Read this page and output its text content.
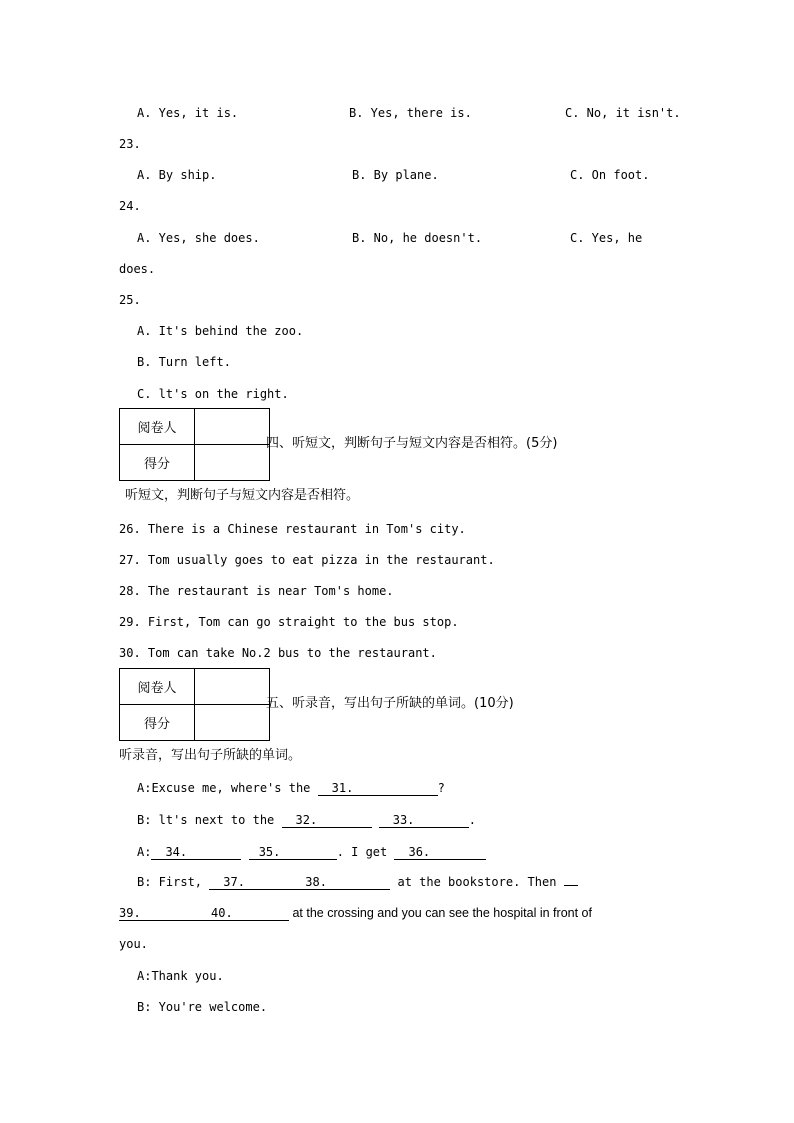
A. Yes, it is.	B. Yes, there is.	C. No, it isn't.
23.
A. By ship.	B. By plane.	C. On foot.
24.
A. Yes, she does.	B. No, he doesn't.	C. Yes, he
does.
25.
A. It's behind the zoo.
B. Turn left.
C. lt's on the right.
阅卷人	
得分	
四、听短文，判断句子与短文内容是否相符。(5分)
听短文，判断句子与短文内容是否相符。
26. There is a Chinese restaurant in Tom's city.
27. Tom usually goes to eat pizza in the restaurant.
28. The restaurant is near Tom's home.
29. First, Tom can go straight to the bus stop.
30. Tom can take No.2 bus to the restaurant.
阅卷人	
得分	
五、听录音，写出句子所缺的单词。(10分)
听录音，写出句子所缺的单词。
A:Excuse me, where's the 31.	?
B: lt's next to the 32.	33.	.
A: 34.	35.	. I get 36.
B: First, 37.	38.	at the bookstore. Then
39.	40.	at the crossing and you can see the hospital in front of
you.
A:Thank you.
B: You're welcome.
